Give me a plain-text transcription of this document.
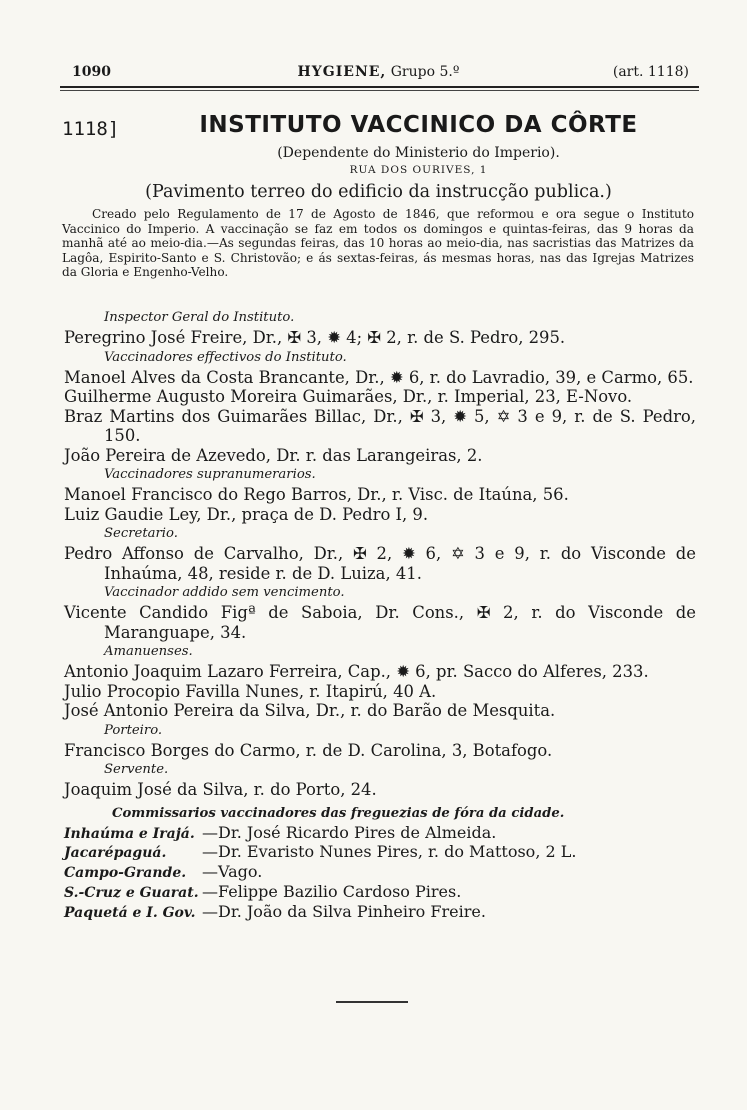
1090	HYGIENE, Grupo 5.º	(art. 1118)
1118]	INSTITUTO VACCINICO DA CÔRTE
(Dependente do Ministerio do Imperio).
RUA DOS OURIVES, 1
(Pavimento terreo do edificio da instrucção publica.)
Creado pelo Regulamento de 17 de Agosto de 1846, que reformou e ora segue o Instituto Vaccinico do Imperio. A vaccinação se faz em todos os domingos e quintas-feiras, das 9 horas da manhã até ao meio-dia.—As segundas feiras, das 10 horas ao meio-dia, nas sacristias das Matrizes da Lagôa, Espirito-Santo e S. Christovão; e ás sextas-feiras, ás mesmas horas, nas das Igrejas Matrizes da Gloria e Engenho-Velho.
Inspector Geral do Instituto.
Peregrino José Freire, Dr., ✠ 3, ✹ 4; ✠ 2, r. de S. Pedro, 295.
Vaccinadores effectivos do Instituto.
Manoel Alves da Costa Brancante, Dr., ✹ 6, r. do Lavradio, 39, e Carmo, 65.
Guilherme Augusto Moreira Guimarães, Dr., r. Imperial, 23, E-Novo.
Braz Martins dos Guimarães Billac, Dr., ✠ 3, ✹ 5, ✡ 3 e 9, r. de S. Pedro, 150.
João Pereira de Azevedo, Dr. r. das Larangeiras, 2.
Vaccinadores supranumerarios.
Manoel Francisco do Rego Barros, Dr., r. Visc. de Itaúna, 56.
Luiz Gaudie Ley, Dr., praça de D. Pedro I, 9.
Secretario.
Pedro Affonso de Carvalho, Dr., ✠ 2, ✹ 6, ✡ 3 e 9, r. do Visconde de Inhaúma, 48, reside r. de D. Luiza, 41.
Vaccinador addido sem vencimento.
Vicente Candido Figª de Saboia, Dr. Cons., ✠ 2, r. do Visconde de Maranguape, 34.
Amanuenses.
Antonio Joaquim Lazaro Ferreira, Cap., ✹ 6, pr. Sacco do Alferes, 233.
Julio Procopio Favilla Nunes, r. Itapirú, 40 A.
José Antonio Pereira da Silva, Dr., r. do Barão de Mesquita.
Porteiro.
Francisco Borges do Carmo, r. de D. Carolina, 3, Botafogo.
Servente.
Joaquim José da Silva, r. do Porto, 24.
Commissarios vaccinadores das freguezias de fóra da cidade.
Inhaúma e Irajá. —Dr. José Ricardo Pires de Almeida.
Jacarépaguá. —Dr. Evaristo Nunes Pires, r. do Mattoso, 2 L.
Campo-Grande. —Vago.
S.-Cruz e Guarat. —Felippe Bazilio Cardoso Pires.
Paquetá e I. Gov. —Dr. João da Silva Pinheiro Freire.
